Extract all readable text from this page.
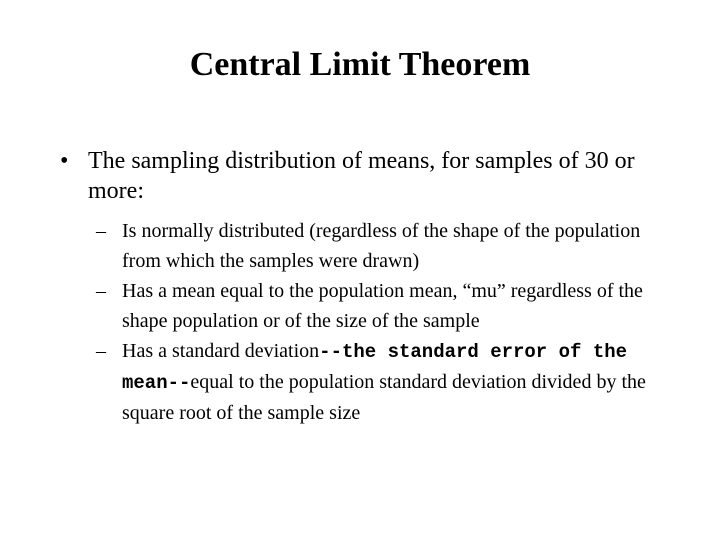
Central Limit Theorem
• The sampling distribution of means, for samples of 30 or more:
– Is normally distributed (regardless of the shape of the population from which the samples were drawn)
– Has a mean equal to the population mean, “mu” regardless of the shape population or of the size of the sample
– Has a standard deviation--the standard error of the mean--equal to the population standard deviation divided by the square root of the sample size
